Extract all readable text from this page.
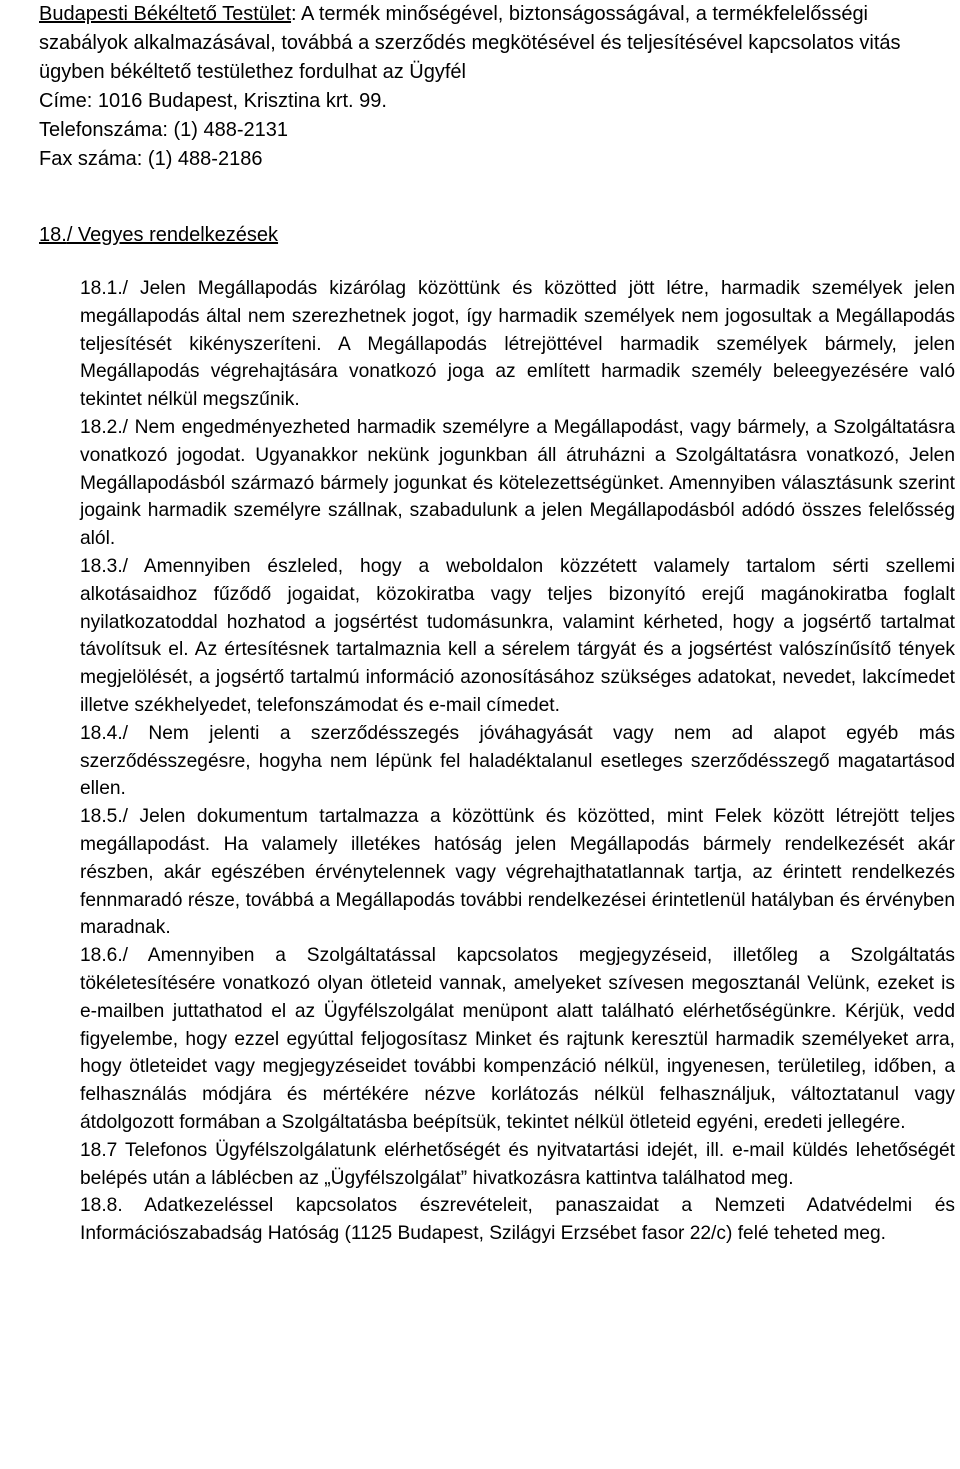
Budapesti Békéltető Testület: A termék minőségével, biztonságosságával, a termékfelelősségi szabályok alkalmazásával, továbbá a szerződés megkötésével és teljesítésével kapcsolatos vitás ügyben békéltető testülethez fordulhat az Ügyfél

Címe: 1016 Budapest, Krisztina krt. 99.

Telefonszáma: (1) 488-2131

Fax száma: (1) 488-2186

18./ Vegyes rendelkezések

18.1./ Jelen Megállapodás kizárólag közöttünk és közötted jött létre, harmadik személyek jelen megállapodás által nem szerezhetnek jogot, így harmadik személyek nem jogosultak a Megállapodás teljesítését kikényszeríteni. A Megállapodás létrejöttével harmadik személyek bármely, jelen Megállapodás végrehajtására vonatkozó joga az említett harmadik személy beleegyezésére való tekintet nélkül megszűnik.

18.2./ Nem engedményezheted harmadik személyre a Megállapodást, vagy bármely, a Szolgáltatásra vonatkozó jogodat. Ugyanakkor nekünk jogunkban áll átruházni a Szolgáltatásra vonatkozó, Jelen Megállapodásból származó bármely jogunkat és kötelezettségünket. Amennyiben választásunk szerint jogaink harmadik személyre szállnak, szabadulunk a jelen Megállapodásból adódó összes felelősség alól.

18.3./ Amennyiben észleled, hogy a weboldalon közzétett valamely tartalom sérti szellemi alkotásaidhoz fűződő jogaidat, közokiratba vagy teljes bizonyító erejű magánokiratba foglalt nyilatkozatoddal hozhatod a jogsértést tudomásunkra, valamint kérheted, hogy a jogsértő tartalmat távolítsuk el. Az értesítésnek tartalmaznia kell a sérelem tárgyát és a jogsértést valószínűsítő tények megjelölését, a jogsértő tartalmú információ azonosításához szükséges adatokat, nevedet, lakcímedet illetve székhelyedet, telefonszámodat és e-mail címedet.

18.4./ Nem jelenti a szerződésszegés jóváhagyását vagy nem ad alapot egyéb más szerződésszegésre, hogyha nem lépünk fel haladéktalanul esetleges szerződésszegő magatartásod ellen.

18.5./ Jelen dokumentum tartalmazza a közöttünk és közötted, mint Felek között létrejött teljes megállapodást. Ha valamely illetékes hatóság jelen Megállapodás bármely rendelkezését akár részben, akár egészében érvénytelennek vagy végrehajthatatlannak tartja, az érintett rendelkezés fennmaradó része, továbbá a Megállapodás további rendelkezései érintetlenül hatályban és érvényben maradnak.

18.6./ Amennyiben a Szolgáltatással kapcsolatos megjegyzéseid, illetőleg a Szolgáltatás tökéletesítésére vonatkozó olyan ötleteid vannak, amelyeket szívesen megosztanál Velünk, ezeket is e-mailben juttathatod el az Ügyfélszolgálat menüpont alatt található elérhetőségünkre. Kérjük, vedd figyelembe, hogy ezzel egyúttal feljogosítasz Minket és rajtunk keresztül harmadik személyeket arra, hogy ötleteidet vagy megjegyzéseidet további kompenzáció nélkül, ingyenesen, területileg, időben, a felhasználás módjára és mértékére nézve korlátozás nélkül felhasználjuk, változtatanul vagy átdolgozott formában a Szolgáltatásba beépítsük, tekintet nélkül ötleteid egyéni, eredeti jellegére.

18.7 Telefonos Ügyfélszolgálatunk elérhetőségét és nyitvatartási idejét, ill. e-mail küldés lehetőségét belépés után a láblécben az „Ügyfélszolgálat” hivatkozásra kattintva találhatod meg.

18.8. Adatkezeléssel kapcsolatos észrevételeit, panaszaidat a Nemzeti Adatvédelmi és Információszabadság Hatóság (1125 Budapest, Szilágyi Erzsébet fasor 22/c) felé teheted meg.
